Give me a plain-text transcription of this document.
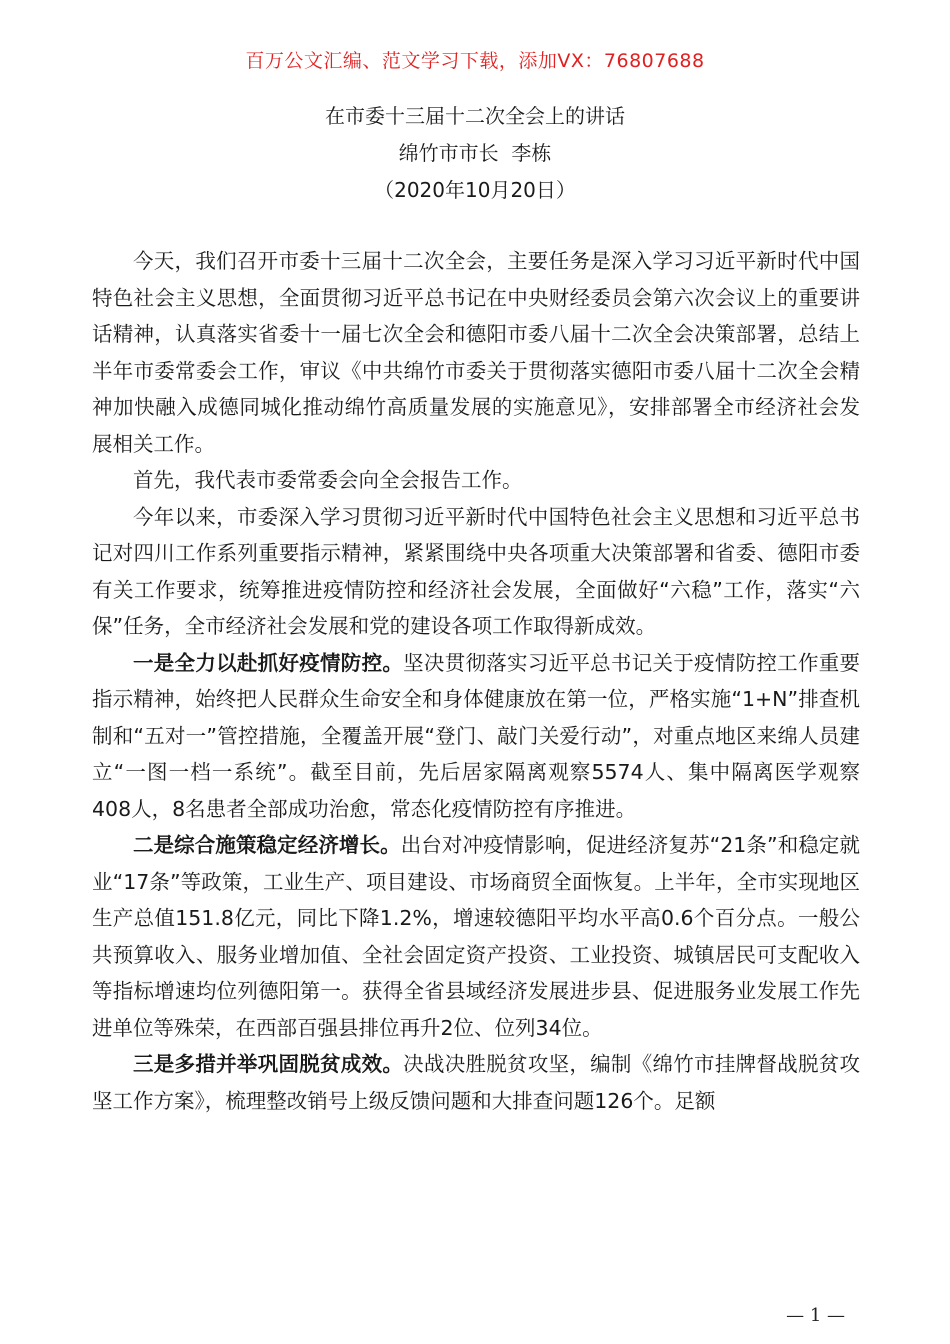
百万公文汇编、范文学习下载，添加VX：76807688
在市委十三届十二次全会上的讲话
绵竹市市长  李栋
（2020年10月20日）

今天，我们召开市委十三届十二次全会，主要任务是深入学习习近平新时代中国特色社会主义思想，全面贯彻习近平总书记在中央财经委员会第六次会议上的重要讲话精神，认真落实省委十一届七次全会和德阳市委八届十二次全会决策部署，总结上半年市委常委会工作，审议《中共绵竹市委关于贯彻落实德阳市委八届十二次全会精神加快融入成德同城化推动绵竹高质量发展的实施意见》，安排部署全市经济社会发展相关工作。

首先，我代表市委常委会向全会报告工作。

今年以来，市委深入学习贯彻习近平新时代中国特色社会主义思想和习近平总书记对四川工作系列重要指示精神，紧紧围绕中央各项重大决策部署和省委、德阳市委有关工作要求，统筹推进疫情防控和经济社会发展，全面做好“六稳”工作，落实“六保”任务，全市经济社会发展和党的建设各项工作取得新成效。

一是全力以赴抓好疫情防控。坚决贯彻落实习近平总书记关于疫情防控工作重要指示精神，始终把人民群众生命安全和身体健康放在第一位，严格实施“1+N”排查机制和“五对一”管控措施，全覆盖开展“登门、敲门关爱行动”，对重点地区来绵人员建立“一图一档一系统”。截至目前，先后居家隔离观察5574人、集中隔离医学观察408人，8名患者全部成功治愈，常态化疫情防控有序推进。

二是综合施策稳定经济增长。出台对冲疫情影响，促进经济复苏“21条”和稳定就业“17条”等政策，工业生产、项目建设、市场商贸全面恢复。上半年，全市实现地区生产总值151.8亿元，同比下降1.2%，增速较德阳平均水平高0.6个百分点。一般公共预算收入、服务业增加值、全社会固定资产投资、工业投资、城镇居民可支配收入等指标增速均位列德阳第一。获得全省县域经济发展进步县、促进服务业发展工作先进单位等殊荣，在西部百强县排位再升2位、位列34位。

三是多措并举巩固脱贫成效。决战决胜脱贫攻坚，编制《绵竹市挂牌督战脱贫攻坚工作方案》，梳理整改销号上级反馈问题和大排查问题126个。足额

— 1 —
